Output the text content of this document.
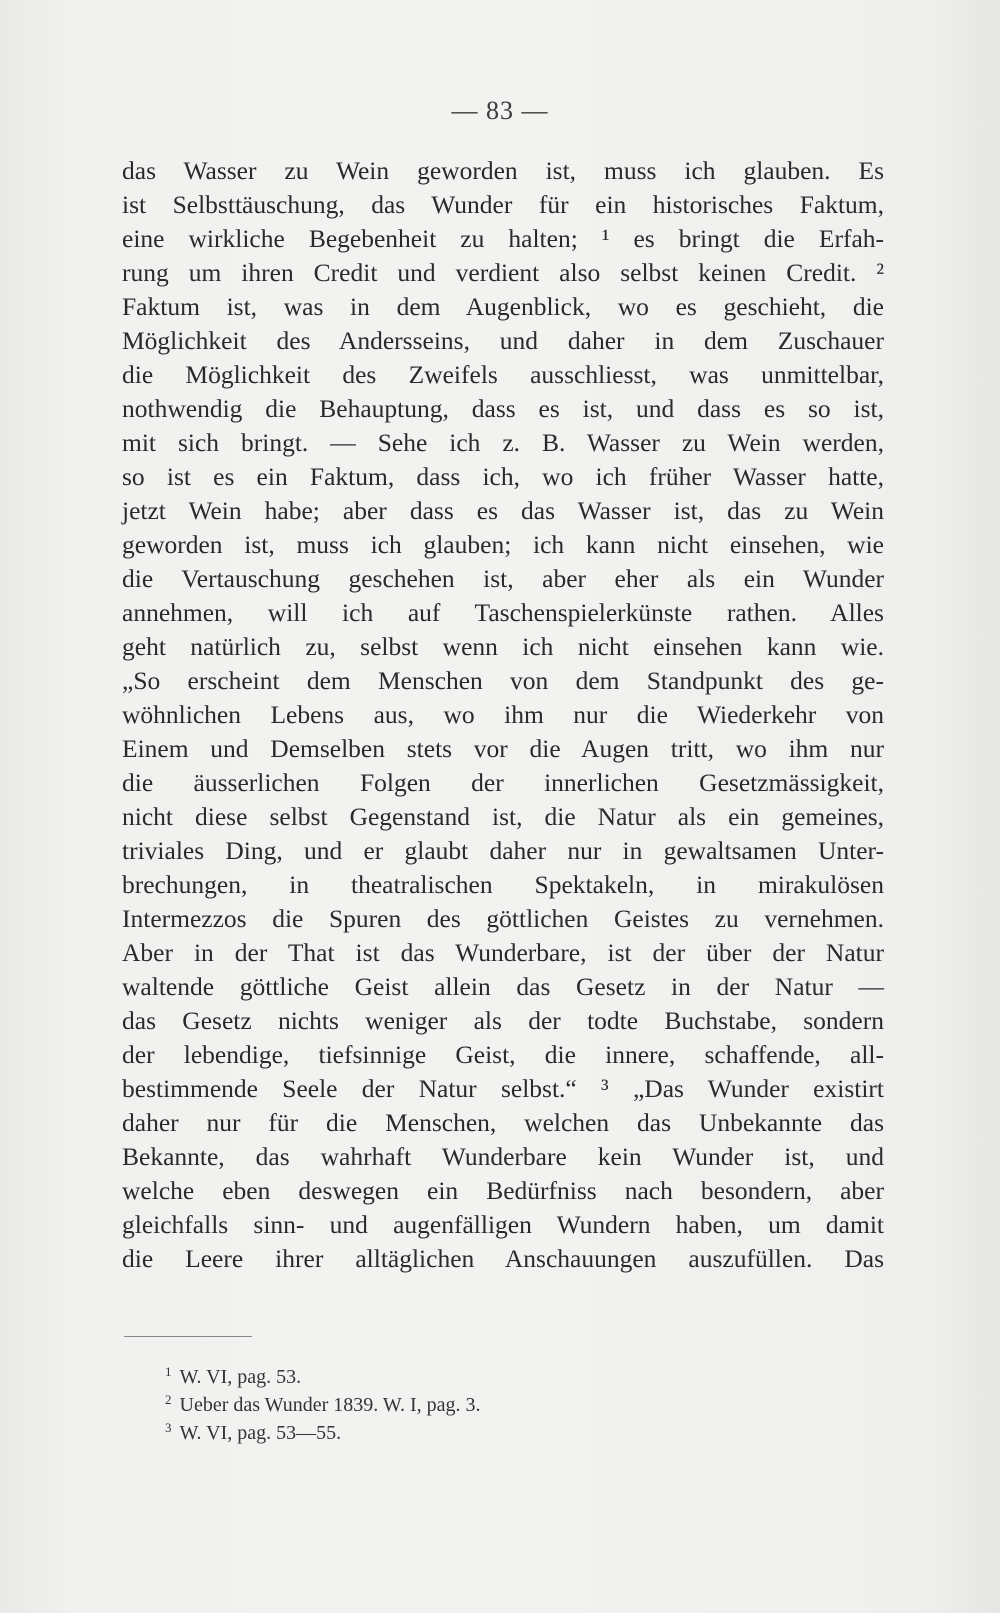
— 83 —
das Wasser zu Wein geworden ist, muss ich glauben. Es
ist Selbsttäuschung, das Wunder für ein historisches Faktum,
eine wirkliche Begebenheit zu halten; ¹ es bringt die Erfah-
rung um ihren Credit und verdient also selbst keinen Credit. ²
Faktum ist, was in dem Augenblick, wo es geschieht, die
Möglichkeit des Andersseins, und daher in dem Zuschauer
die Möglichkeit des Zweifels ausschliesst, was unmittelbar,
nothwendig die Behauptung, dass es ist, und dass es so ist,
mit sich bringt. — Sehe ich z. B. Wasser zu Wein werden,
so ist es ein Faktum, dass ich, wo ich früher Wasser hatte,
jetzt Wein habe; aber dass es das Wasser ist, das zu Wein
geworden ist, muss ich glauben; ich kann nicht einsehen, wie
die Vertauschung geschehen ist, aber eher als ein Wunder
annehmen, will ich auf Taschenspielerkünste rathen. Alles
geht natürlich zu, selbst wenn ich nicht einsehen kann wie.
„So erscheint dem Menschen von dem Standpunkt des ge-
wöhnlichen Lebens aus, wo ihm nur die Wiederkehr von
Einem und Demselben stets vor die Augen tritt, wo ihm nur
die äusserlichen Folgen der innerlichen Gesetzmässigkeit,
nicht diese selbst Gegenstand ist, die Natur als ein gemeines,
triviales Ding, und er glaubt daher nur in gewaltsamen Unter-
brechungen, in theatralischen Spektakeln, in mirakulösen
Intermezzos die Spuren des göttlichen Geistes zu vernehmen.
Aber in der That ist das Wunderbare, ist der über der Natur
waltende göttliche Geist allein das Gesetz in der Natur —
das Gesetz nichts weniger als der todte Buchstabe, sondern
der lebendige, tiefsinnige Geist, die innere, schaffende, all-
bestimmende Seele der Natur selbst.“ ³ „Das Wunder existirt
daher nur für die Menschen, welchen das Unbekannte das
Bekannte, das wahrhaft Wunderbare kein Wunder ist, und
welche eben deswegen ein Bedürfniss nach besondern, aber
gleichfalls sinn- und augenfälligen Wundern haben, um damit
die Leere ihrer alltäglichen Anschauungen auszufüllen. Das
$^1$ W. VI, pag. 53.
$^2$ Ueber das Wunder 1839. W. I, pag. 3.
$^3$ W. VI, pag. 53—55.
